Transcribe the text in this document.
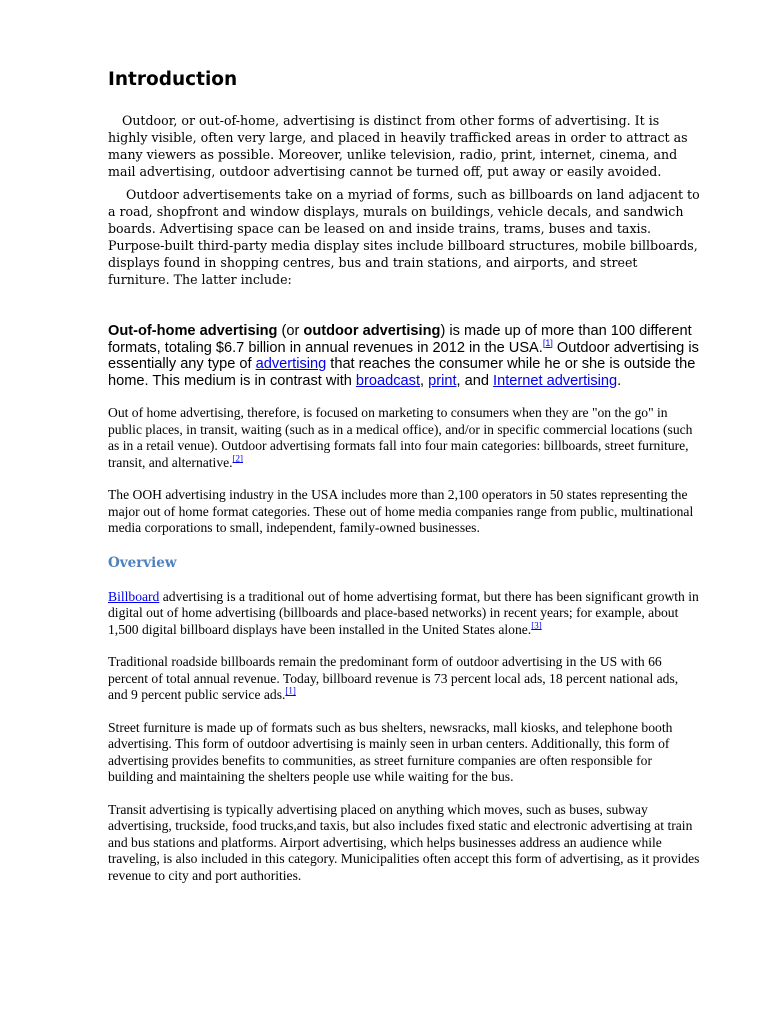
Introduction

Outdoor, or out-of-home, advertising is distinct from other forms of advertising. It is highly visible, often very large, and placed in heavily trafficked areas in order to attract as many viewers as possible. Moreover, unlike television, radio, print, internet, cinema, and mail advertising, outdoor advertising cannot be turned off, put away or easily avoided.

Outdoor advertisements take on a myriad of forms, such as billboards on land adjacent to a road, shopfront and window displays, murals on buildings, vehicle decals, and sandwich boards. Advertising space can be leased on and inside trains, trams, buses and taxis. Purpose-built third-party media display sites include billboard structures, mobile billboards, displays found in shopping centres, bus and train stations, and airports, and street furniture. The latter include:

Out-of-home advertising (or outdoor advertising) is made up of more than 100 different formats, totaling $6.7 billion in annual revenues in 2012 in the USA.[1] Outdoor advertising is essentially any type of advertising that reaches the consumer while he or she is outside the home. This medium is in contrast with broadcast, print, and Internet advertising.

Out of home advertising, therefore, is focused on marketing to consumers when they are "on the go" in public places, in transit, waiting (such as in a medical office), and/or in specific commercial locations (such as in a retail venue). Outdoor advertising formats fall into four main categories: billboards, street furniture, transit, and alternative.[2]

The OOH advertising industry in the USA includes more than 2,100 operators in 50 states representing the major out of home format categories. These out of home media companies range from public, multinational media corporations to small, independent, family-owned businesses.

Overview

Billboard advertising is a traditional out of home advertising format, but there has been significant growth in digital out of home advertising (billboards and place-based networks) in recent years; for example, about 1,500 digital billboard displays have been installed in the United States alone.[3]

Traditional roadside billboards remain the predominant form of outdoor advertising in the US with 66 percent of total annual revenue. Today, billboard revenue is 73 percent local ads, 18 percent national ads, and 9 percent public service ads.[1]

Street furniture is made up of formats such as bus shelters, newsracks, mall kiosks, and telephone booth advertising. This form of outdoor advertising is mainly seen in urban centers. Additionally, this form of advertising provides benefits to communities, as street furniture companies are often responsible for building and maintaining the shelters people use while waiting for the bus.

Transit advertising is typically advertising placed on anything which moves, such as buses, subway advertising, truckside, food trucks,and taxis, but also includes fixed static and electronic advertising at train and bus stations and platforms. Airport advertising, which helps businesses address an audience while traveling, is also included in this category. Municipalities often accept this form of advertising, as it provides revenue to city and port authorities.
